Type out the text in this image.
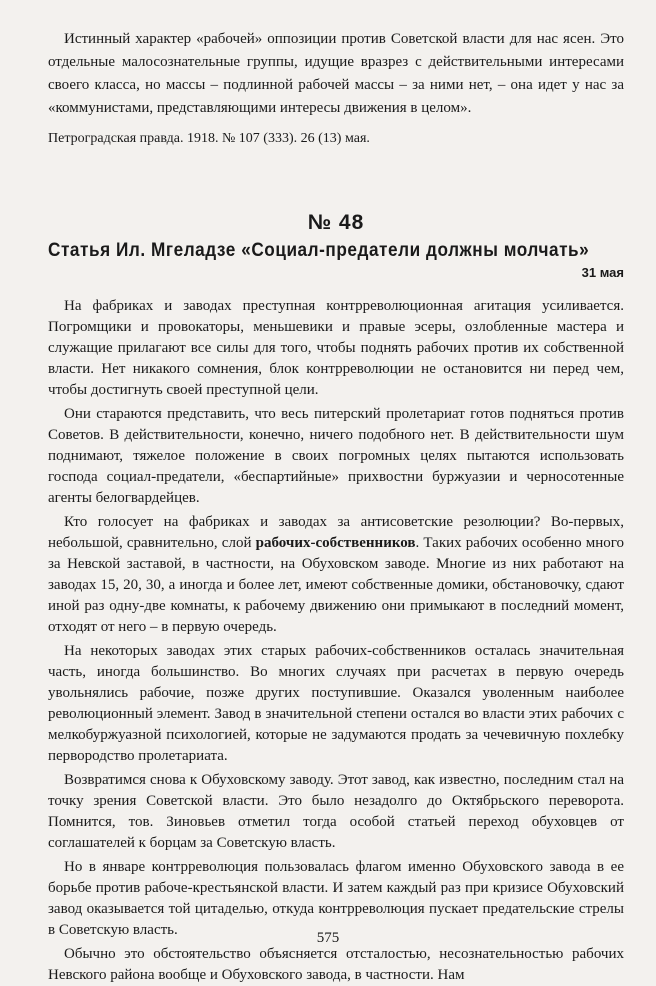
Истинный характер «рабочей» оппозиции против Советской власти для нас ясен. Это отдельные малосознательные группы, идущие вразрез с действительными интересами своего класса, но массы – подлинной рабочей массы – за ними нет, – она идет у нас за «коммунистами, представляющими интересы движения в целом».

Петроградская правда. 1918. № 107 (333). 26 (13) мая.

№ 48
Статья Ил. Мгеладзе «Социал-предатели должны молчать»
31 мая

На фабриках и заводах преступная контрреволюционная агитация усиливается. Погромщики и провокаторы, меньшевики и правые эсеры, озлобленные мастера и служащие прилагают все силы для того, чтобы поднять рабочих против их собственной власти. Нет никакого сомнения, блок контрреволюции не остановится ни перед чем, чтобы достигнуть своей преступной цели.

Они стараются представить, что весь питерский пролетариат готов подняться против Советов. В действительности, конечно, ничего подобного нет. В действительности шум поднимают, тяжелое положение в своих погромных целях пытаются использовать господа социал-предатели, «беспартийные» прихвостни буржуазии и черносотенные агенты белогвардейцев.

Кто голосует на фабриках и заводах за антисоветские резолюции? Во-первых, небольшой, сравнительно, слой рабочих-собственников. Таких рабочих особенно много за Невской заставой, в частности, на Обуховском заводе. Многие из них работают на заводах 15, 20, 30, а иногда и более лет, имеют собственные домики, обстановочку, сдают иной раз одну-две комнаты, к рабочему движению они примыкают в последний момент, отходят от него – в первую очередь.

На некоторых заводах этих старых рабочих-собственников осталась значительная часть, иногда большинство. Во многих случаях при расчетах в первую очередь увольнялись рабочие, позже других поступившие. Оказался уволенным наиболее революционный элемент. Завод в значительной степени остался во власти этих рабочих с мелкобуржуазной психологией, которые не задумаются продать за чечевичную похлебку первородство пролетариата.

Возвратимся снова к Обуховскому заводу. Этот завод, как известно, последним стал на точку зрения Советской власти. Это было незадолго до Октябрьского переворота. Помнится, тов. Зиновьев отметил тогда особой статьей переход обуховцев от соглашателей к борцам за Советскую власть.

Но в январе контрреволюция пользовалась флагом именно Обуховского завода в ее борьбе против рабоче-крестьянской власти. И затем каждый раз при кризисе Обуховский завод оказывается той цитаделью, откуда контрреволюция пускает предательские стрелы в Советскую власть.

Обычно это обстоятельство объясняется отсталостью, несознательностью рабочих Невского района вообще и Обуховского завода, в частности. Нам

575
